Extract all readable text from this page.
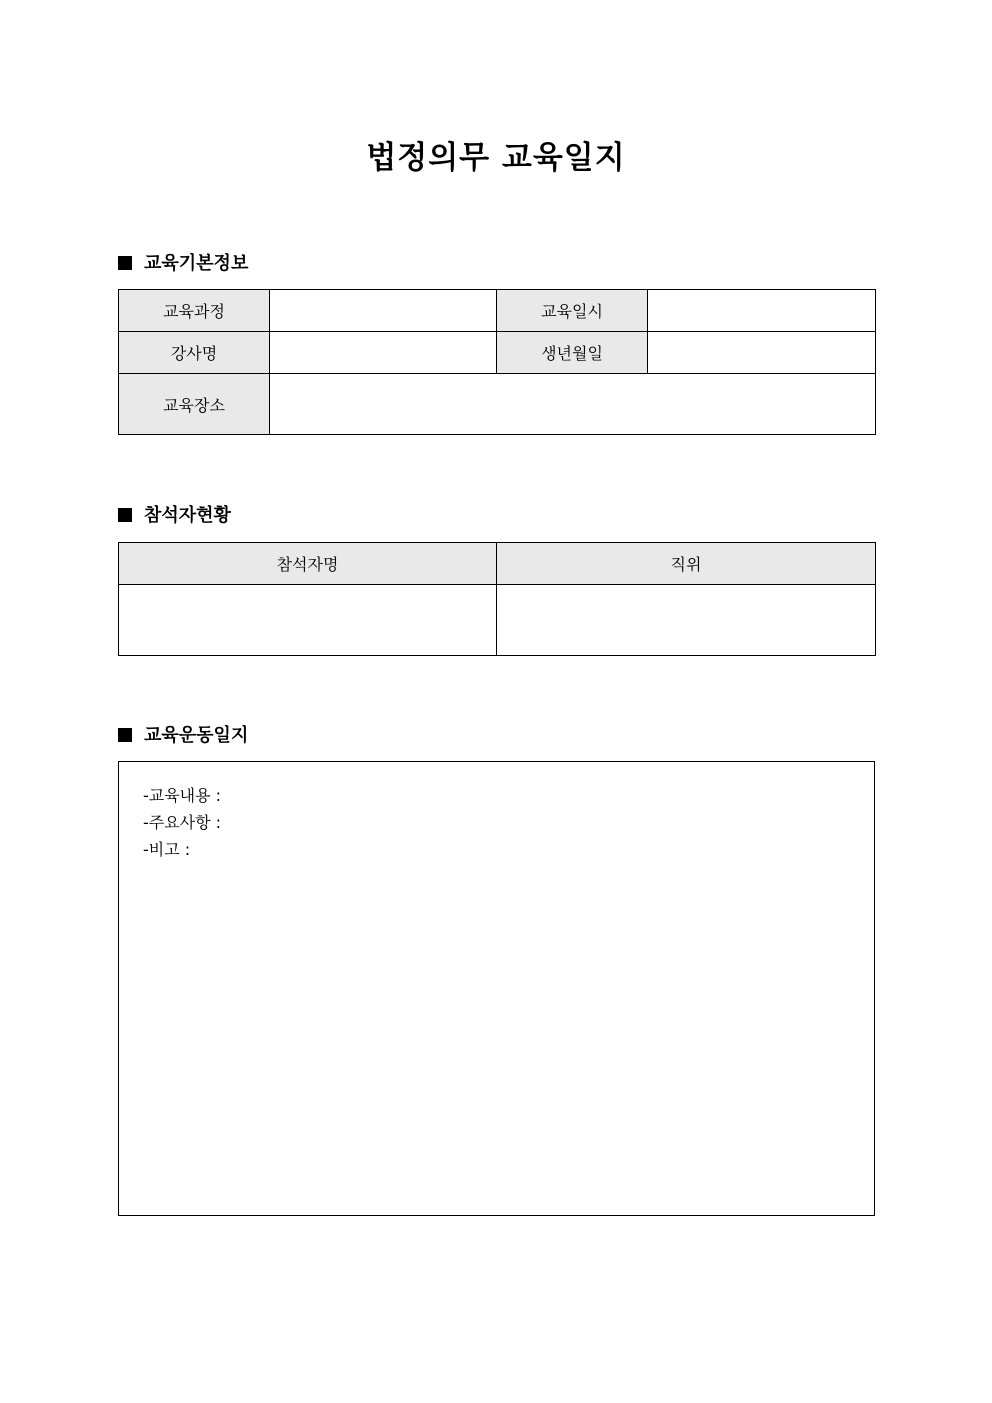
법정의무 교육일지
교육기본정보
교육과정		교육일시	
강사명		생년월일	
교육장소			
참석자현황
참석자명	직위

교육운동일지
-교육내용 :
-주요사항 :
-비고 :
